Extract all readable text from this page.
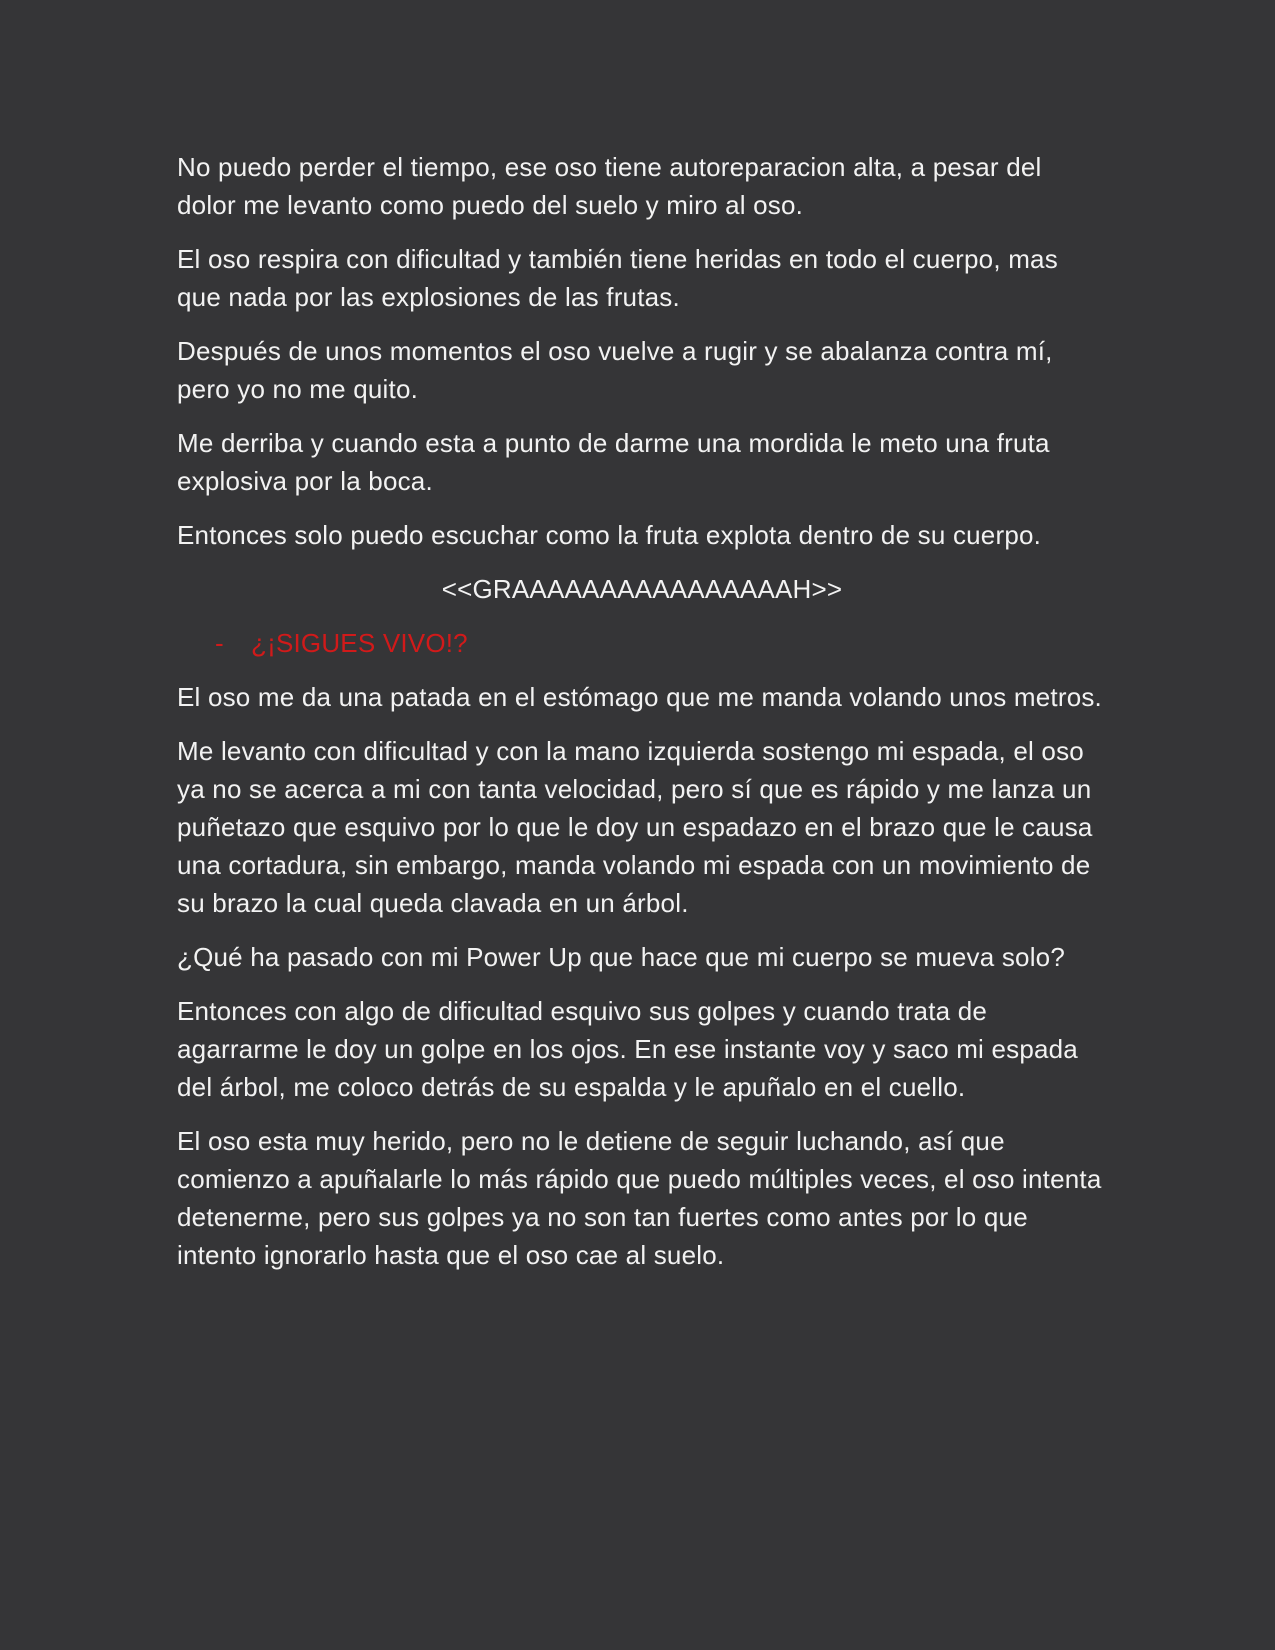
No puedo perder el tiempo, ese oso tiene autoreparacion alta, a pesar del dolor me levanto como puedo del suelo y miro al oso.

El oso respira con dificultad y también tiene heridas en todo el cuerpo, mas que nada por las explosiones de las frutas.

Después de unos momentos el oso vuelve a rugir y se abalanza contra mí, pero yo no me quito.

Me derriba y cuando esta a punto de darme una mordida le meto una fruta explosiva por la boca.

Entonces solo puedo escuchar como la fruta explota dentro de su cuerpo.

<<GRAAAAAAAAAAAAAAAAH>>

-	¿¡SIGUES VIVO!?

El oso me da una patada en el estómago que me manda volando unos metros.

Me levanto con dificultad y con la mano izquierda sostengo mi espada, el oso ya no se acerca a mi con tanta velocidad, pero sí que es rápido y me lanza un puñetazo que esquivo por lo que le doy un espadazo en el brazo que le causa una cortadura, sin embargo, manda volando mi espada con un movimiento de su brazo la cual queda clavada en un árbol.

¿Qué ha pasado con mi Power Up que hace que mi cuerpo se mueva solo?

Entonces con algo de dificultad esquivo sus golpes y cuando trata de agarrarme le doy un golpe en los ojos. En ese instante voy y saco mi espada del árbol, me coloco detrás de su espalda y le apuñalo en el cuello.

El oso esta muy herido, pero no le detiene de seguir luchando, así que comienzo a apuñalarle lo más rápido que puedo múltiples veces, el oso intenta detenerme, pero sus golpes ya no son tan fuertes como antes por lo que intento ignorarlo hasta que el oso cae al suelo.
